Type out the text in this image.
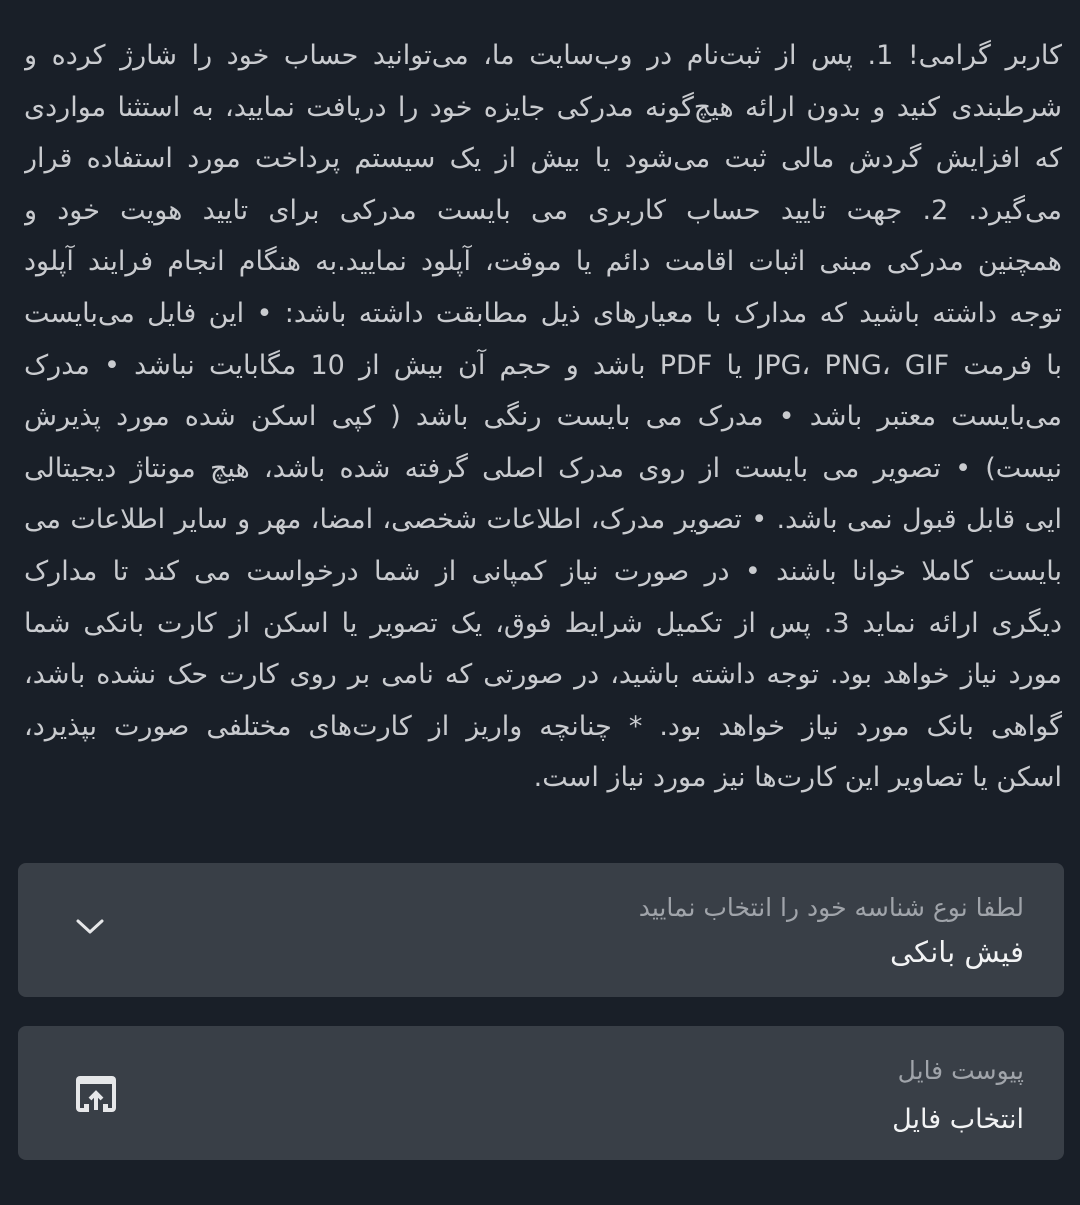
کاربر گرامی! 1. پس از ثبت‌نام در وب‌سایت ما، می‌توانید حساب خود را شارژ کرده و
شرطبندی کنید و بدون ارائه هیچ‌گونه مدرکی جایزه خود را دریافت نمایید، به استثنا مواردی
که افزایش گردش مالی ثبت می‌شود یا بیش از یک سیستم پرداخت مورد استفاده قرار
می‌گیرد. 2. جهت تایید حساب کاربری می بایست مدرکی برای تایید هویت خود و
همچنین مدرکی مبنی اثبات اقامت دائم یا موقت، آپلود نمایید.به هنگام انجام فرایند آپلود
توجه داشته باشید که مدارک با معیارهای ذیل مطابقت داشته باشد: • این فایل می‌بایست
با فرمت JPG، PNG، GIF یا PDF باشد و حجم آن بیش از 10 مگابایت نباشد • مدرک
می‌بایست معتبر باشد • مدرک می بایست رنگی باشد ( کپی اسکن شده مورد پذیرش
نیست) • تصویر می بایست از روی مدرک اصلی گرفته شده باشد، هیچ مونتاژ دیجیتالی
ایی قابل قبول نمی باشد. • تصویر مدرک، اطلاعات شخصی، امضا، مهر و سایر اطلاعات می
بایست کاملا خوانا باشند • در صورت نیاز کمپانی از شما درخواست می کند تا مدارک
دیگری ارائه نماید 3. پس از تکمیل شرایط فوق، یک تصویر یا اسکن از کارت بانکی شما
مورد نیاز خواهد بود. توجه داشته باشید، در صورتی که نامی بر روی کارت حک نشده باشد،
گواهی بانک مورد نیاز خواهد بود. * چنانچه واریز از کارت‌های مختلفی صورت بپذیرد،
اسکن یا تصاویر این کارت‌ها نیز مورد نیاز است.
لطفا نوع شناسه خود را انتخاب نمایید
فیش بانکی
پیوست فایل
انتخاب فایل
